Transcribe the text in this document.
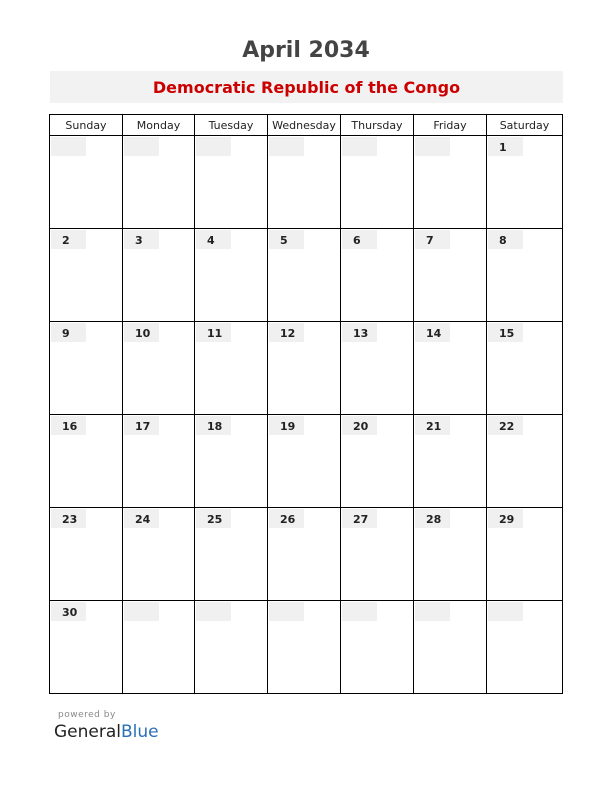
April 2034
Democratic Republic of the Congo
Sunday	Monday	Tuesday	Wednesday	Thursday	Friday	Saturday

						1

2	3	4	5	6	7	8

9	10	11	12	13	14	15

16	17	18	19	20	21	22

23	24	25	26	27	28	29

30						

powered by
GeneralBlue
